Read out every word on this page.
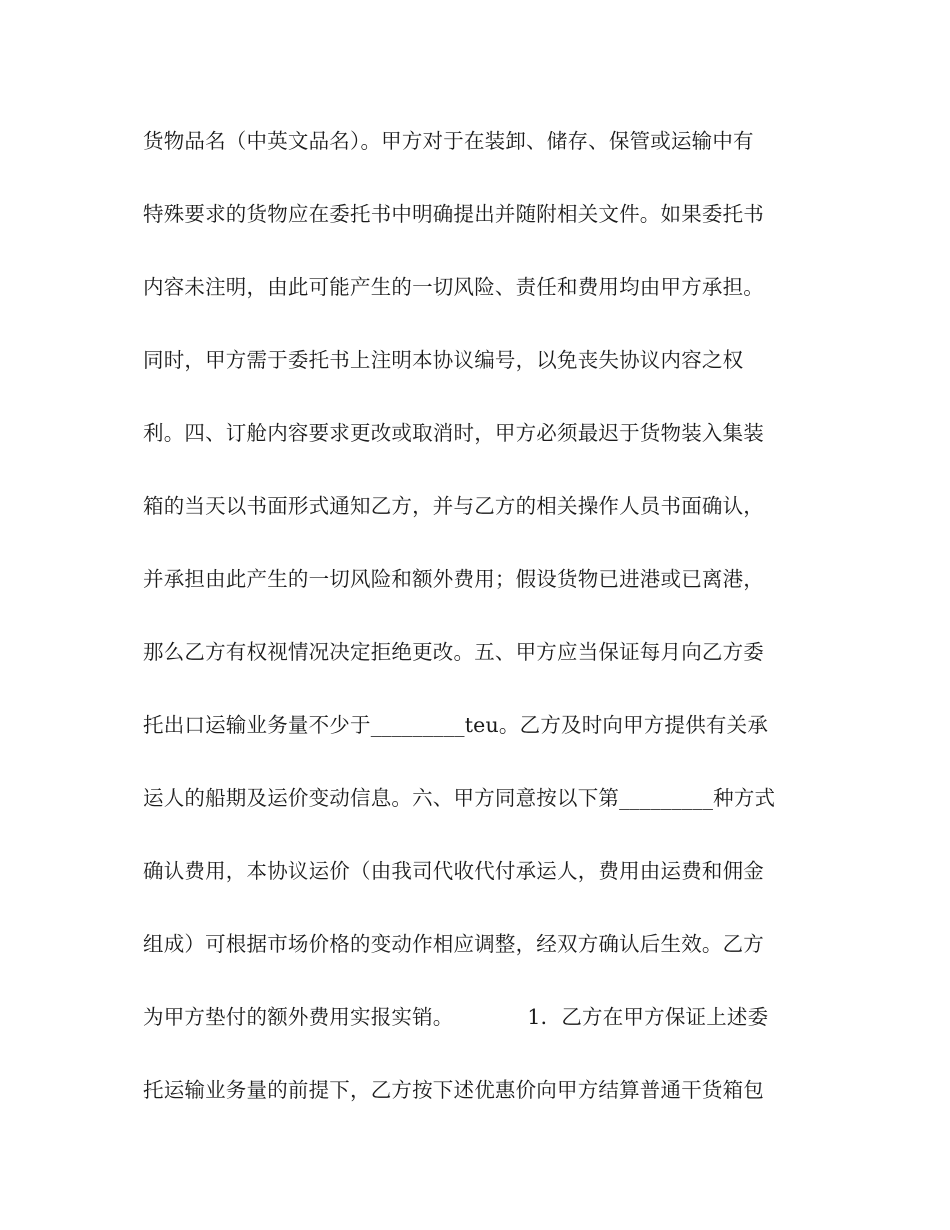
货物品名（中英文品名）。甲方对于在装卸、储存、保管或运输中有
特殊要求的货物应在委托书中明确提出并随附相关文件。如果委托书
内容未注明，由此可能产生的一切风险、责任和费用均由甲方承担。
同时，甲方需于委托书上注明本协议编号，以免丧失协议内容之权
利。四、订舱内容要求更改或取消时，甲方必须最迟于货物装入集装
箱的当天以书面形式通知乙方，并与乙方的相关操作人员书面确认，
并承担由此产生的一切风险和额外费用；假设货物已进港或已离港，
那么乙方有权视情况决定拒绝更改。五、甲方应当保证每月向乙方委
托出口运输业务量不少于_________teu。乙方及时向甲方提供有关承
运人的船期及运价变动信息。六、甲方同意按以下第_________种方式
确认费用，本协议运价（由我司代收代付承运人，费用由运费和佣金
组成）可根据市场价格的变动作相应调整，经双方确认后生效。乙方
为甲方垫付的额外费用实报实销。           1．乙方在甲方保证上述委
托运输业务量的前提下，乙方按下述优惠价向甲方结算普通干货箱包
